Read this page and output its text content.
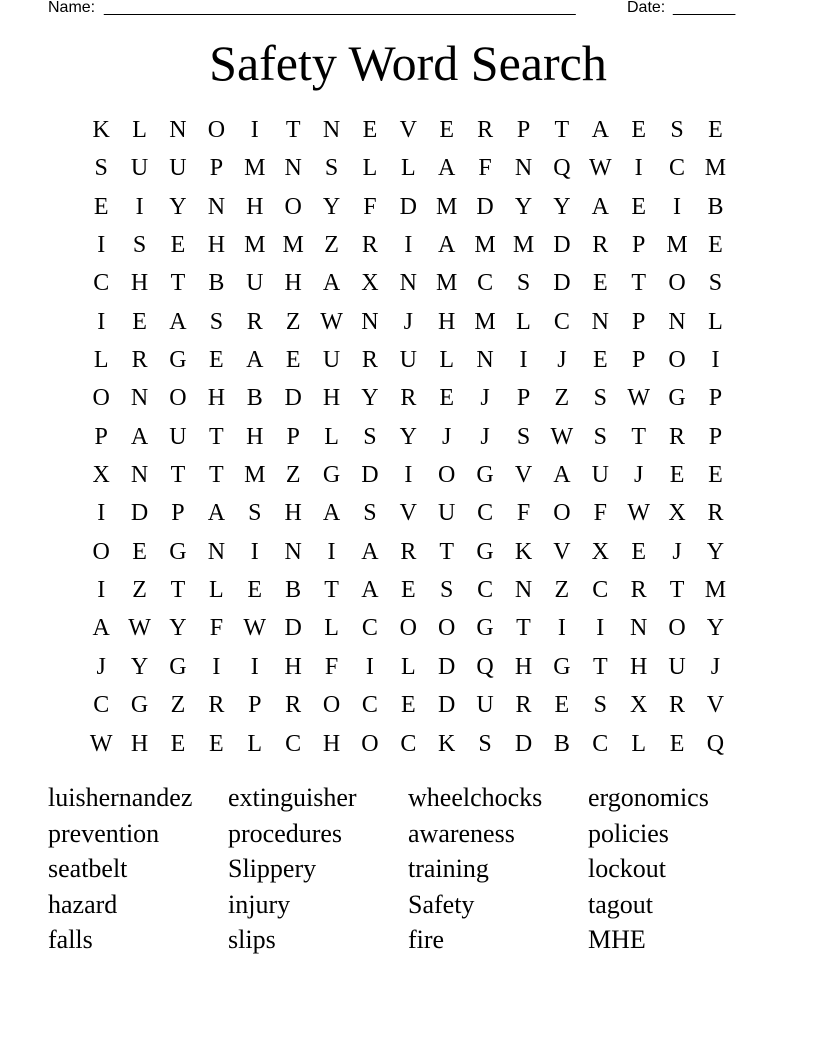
Name: _____________________________________________________	Date: _______
Safety Word Search
K L N O	I	T N E V E R P	T A E	S	E
S U U P M N S	L L A F N Q W I	C M
E	I	Y N H O Y F D M D Y Y A E	I	B
I	S	E H M M Z R	I	A M M D R P M E
C H T B U H A X N M C S D E T O S
I	E A S R Z W N	J	H M L C N P N L
L R G E A E U R U L N	I	J	E	P O	I
O N O H B D H Y R E	J	P	Z	S W G P
P A U T H P	L	S Y	J	J	S W S	T R P
X N T T M Z G D	I	O G V A U	J	E E
I	D P A S H A S V U C F O F W X R
O E G N	I	N	I	A R T G K V X E	J	Y
I	Z T L E B T A E	S C N Z C R T M
A W Y F W D L C O O G T	I	I	N O Y
J	Y G	I	I	H F	I	L D Q H G T H U	J
C G Z R P R O C E D U R E	S X R V
W H E E L C H O C K S D B C L E Q
luishernandez	extinguisher	wheelchocks	ergonomics
prevention	procedures	awareness	policies
seatbelt	Slippery	training	lockout
hazard	injury	Safety	tagout
falls	slips	fire	MHE
